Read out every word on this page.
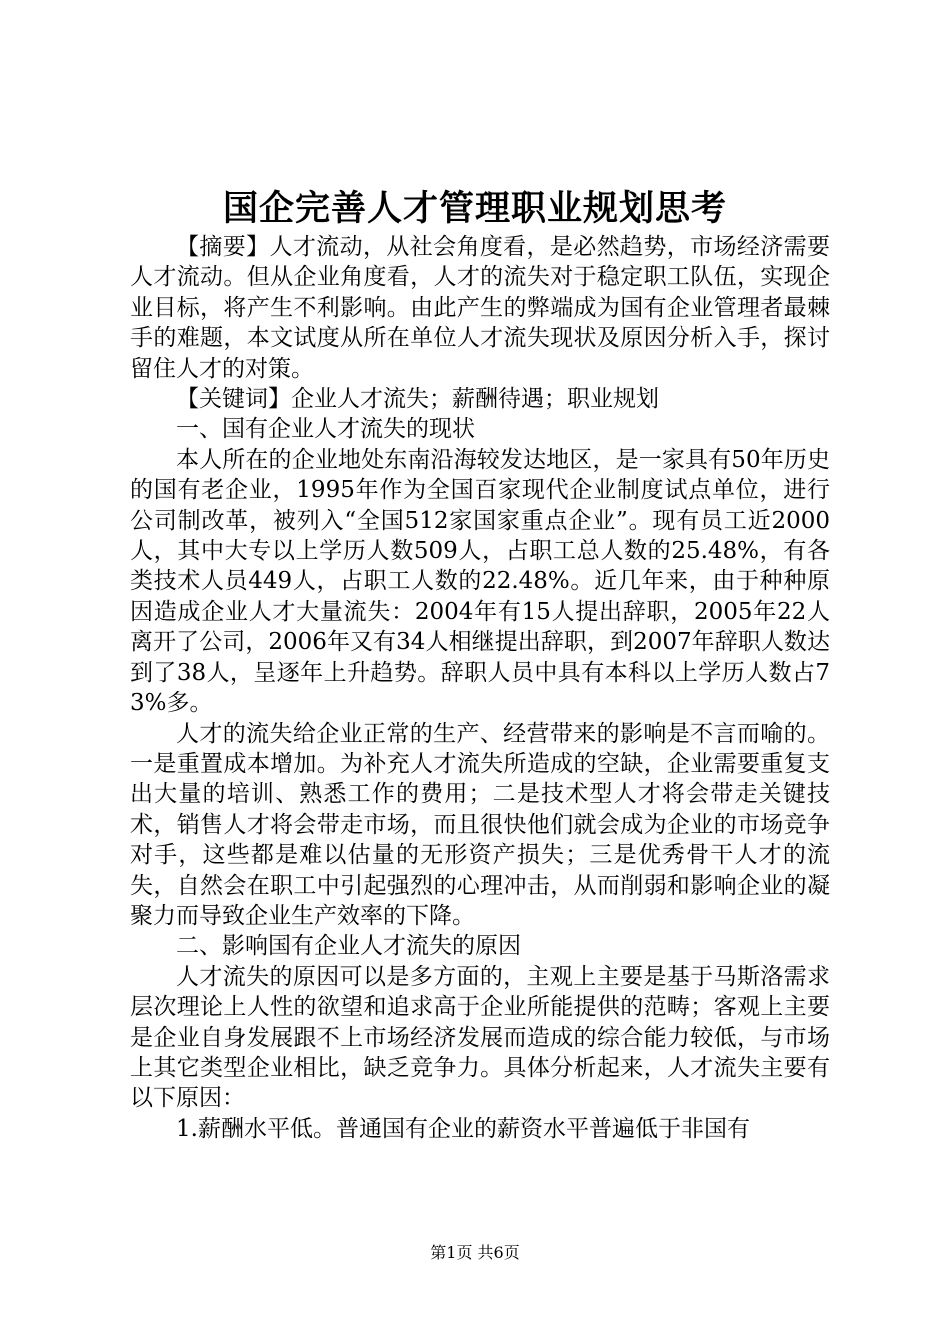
国企完善人才管理职业规划思考

【摘要】人才流动，从社会角度看，是必然趋势，市场经济需要人才流动。但从企业角度看，人才的流失对于稳定职工队伍，实现企业目标，将产生不利影响。由此产生的弊端成为国有企业管理者最棘手的难题，本文试度从所在单位人才流失现状及原因分析入手，探讨留住人才的对策。

【关键词】企业人才流失；薪酬待遇；职业规划

一、国有企业人才流失的现状

本人所在的企业地处东南沿海较发达地区，是一家具有50年历史的国有老企业，1995年作为全国百家现代企业制度试点单位，进行公司制改革，被列入“全国512家国家重点企业”。现有员工近2000人，其中大专以上学历人数509人，占职工总人数的25.48%，有各类技术人员449人，占职工人数的22.48%。近几年来，由于种种原因造成企业人才大量流失：2004年有15人提出辞职，2005年22人离开了公司，2006年又有34人相继提出辞职，到2007年辞职人数达到了38人，呈逐年上升趋势。辞职人员中具有本科以上学历人数占73%多。

人才的流失给企业正常的生产、经营带来的影响是不言而喻的。一是重置成本增加。为补充人才流失所造成的空缺，企业需要重复支出大量的培训、熟悉工作的费用；二是技术型人才将会带走关键技术，销售人才将会带走市场，而且很快他们就会成为企业的市场竞争对手，这些都是难以估量的无形资产损失；三是优秀骨干人才的流失，自然会在职工中引起强烈的心理冲击，从而削弱和影响企业的凝聚力而导致企业生产效率的下降。

二、影响国有企业人才流失的原因

人才流失的原因可以是多方面的，主观上主要是基于马斯洛需求层次理论上人性的欲望和追求高于企业所能提供的范畴；客观上主要是企业自身发展跟不上市场经济发展而造成的综合能力较低，与市场上其它类型企业相比，缺乏竞争力。具体分析起来，人才流失主要有以下原因：

1.薪酬水平低。普通国有企业的薪资水平普遍低于非国有

第1页 共6页
